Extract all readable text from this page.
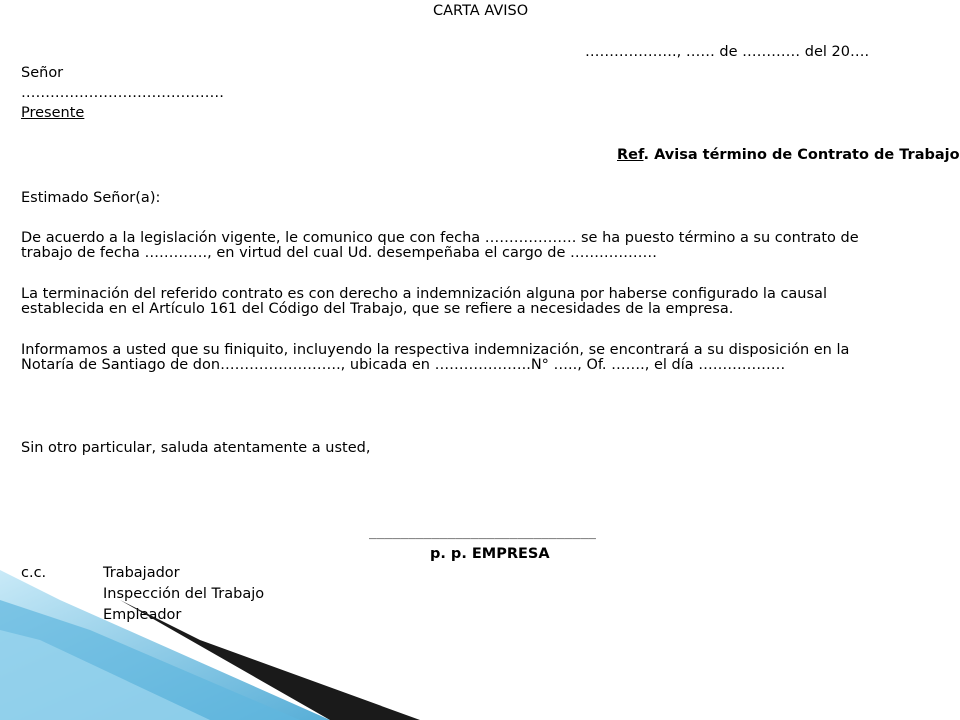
CARTA AVISO
………………., …… de ………… del 20….
Señor
……………………………………
Presente
Ref. Avisa término de Contrato de Trabajo
Estimado Señor(a):
De acuerdo a la legislación vigente, le comunico que con fecha ………………. se ha puesto término a su contrato de
trabajo de fecha …………., en virtud del cual Ud. desempeñaba el cargo de ………………
La terminación del referido contrato es con derecho a indemnización alguna por haberse configurado la causal
establecida en el Artículo 161 del Código del Trabajo, que se refiere a necesidades de la empresa.
Informamos a usted que su finiquito, incluyendo la respectiva indemnización, se encontrará a su disposición en la
Notaría de Santiago de don……………………., ubicada en ………………..N° ….., Of. ……., el día ………………
Sin otro particular, saluda atentamente a usted,
_____________________________
p. p. EMPRESA
c.c.	Trabajador
Inspección del Trabajo
Empleador
